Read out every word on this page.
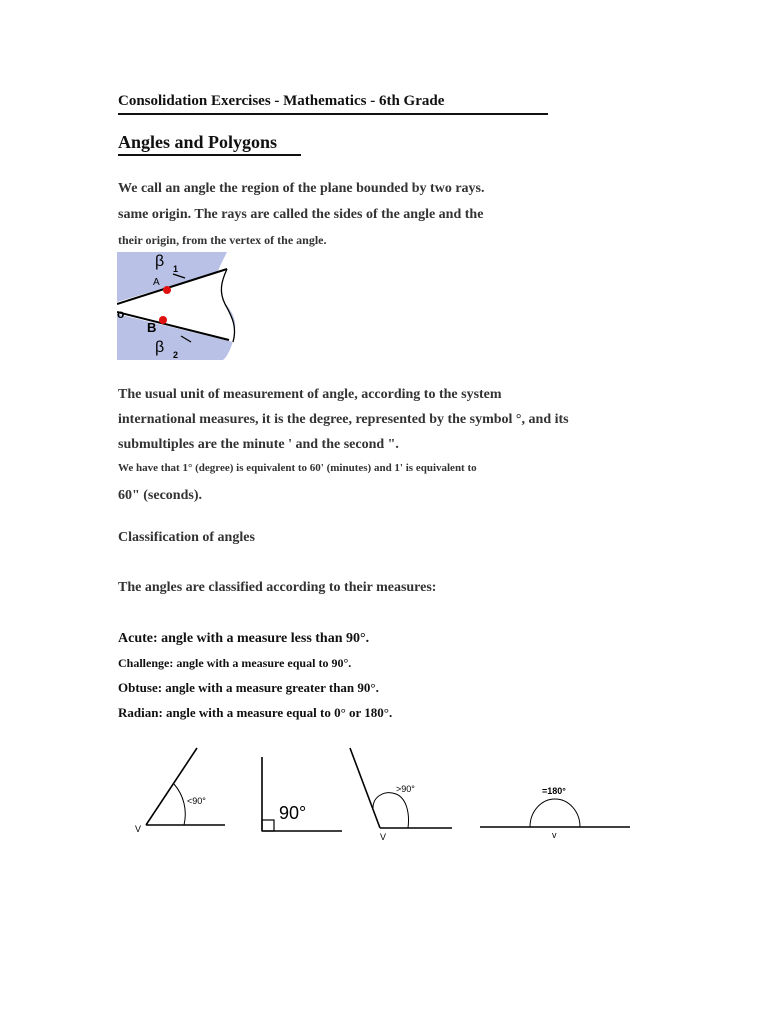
Consolidation Exercises - Mathematics - 6th Grade
Angles and Polygons
We call an angle the region of the plane bounded by two rays.
same origin. The rays are called the sides of the angle and the
their origin, from the vertex of the angle.
A
B
β 1
β 2
o
The usual unit of measurement of angle, according to the system
international measures, it is the degree, represented by the symbol °, and its
submultiples are the minute ' and the second ".
We have that 1° (degree) is equivalent to 60' (minutes) and 1' is equivalent to
60" (seconds).
Classification of angles
The angles are classified according to their measures:
Acute: angle with a measure less than 90°.
Challenge: angle with a measure equal to 90°.
Obtuse: angle with a measure greater than 90°.
Radian: angle with a measure equal to 0° or 180°.
<90°
V
90°
>90°
V
=180°
v
